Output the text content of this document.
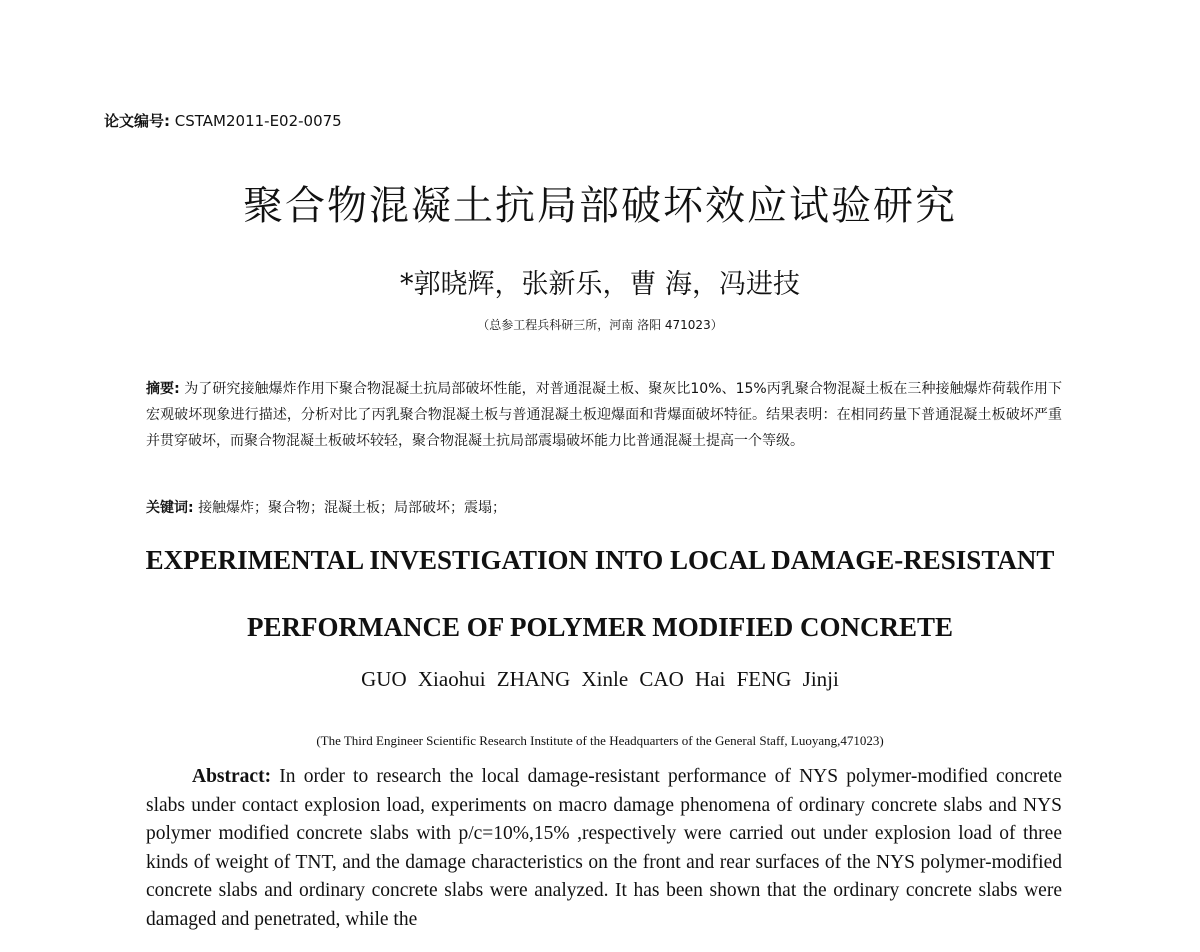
论文编号: CSTAM2011-E02-0075
聚合物混凝土抗局部破坏效应试验研究
*郭晓辉，张新乐，曹 海，冯进技
（总参工程兵科研三所，河南 洛阳 471023）
摘要: 为了研究接触爆炸作用下聚合物混凝土抗局部破坏性能，对普通混凝土板、聚灰比10%、15%丙乳聚合物混凝土板在三种接触爆炸荷载作用下宏观破坏现象进行描述，分析对比了丙乳聚合物混凝土板与普通混凝土板迎爆面和背爆面破坏特征。结果表明：在相同药量下普通混凝土板破坏严重并贯穿破坏，而聚合物混凝土板破坏较轻，聚合物混凝土抗局部震塌破坏能力比普通混凝土提高一个等级。
关键词: 接触爆炸；聚合物；混凝土板；局部破坏；震塌；
EXPERIMENTAL INVESTIGATION INTO LOCAL DAMAGE-RESISTANT
PERFORMANCE OF POLYMER MODIFIED CONCRETE
GUO Xiaohui ZHANG Xinle CAO Hai FENG Jinji
(The Third Engineer Scientific Research Institute of the Headquarters of the General Staff, Luoyang,471023)
Abstract: In order to research the local damage-resistant performance of NYS polymer-modified concrete slabs under contact explosion load, experiments on macro damage phenomena of ordinary concrete slabs and NYS polymer modified concrete slabs with p/c=10%,15% ,respectively were carried out under explosion load of three kinds of weight of TNT, and the damage characteristics on the front and rear surfaces of the NYS polymer-modified concrete slabs and ordinary concrete slabs were analyzed. It has been shown that the ordinary concrete slabs were damaged and penetrated, while the
